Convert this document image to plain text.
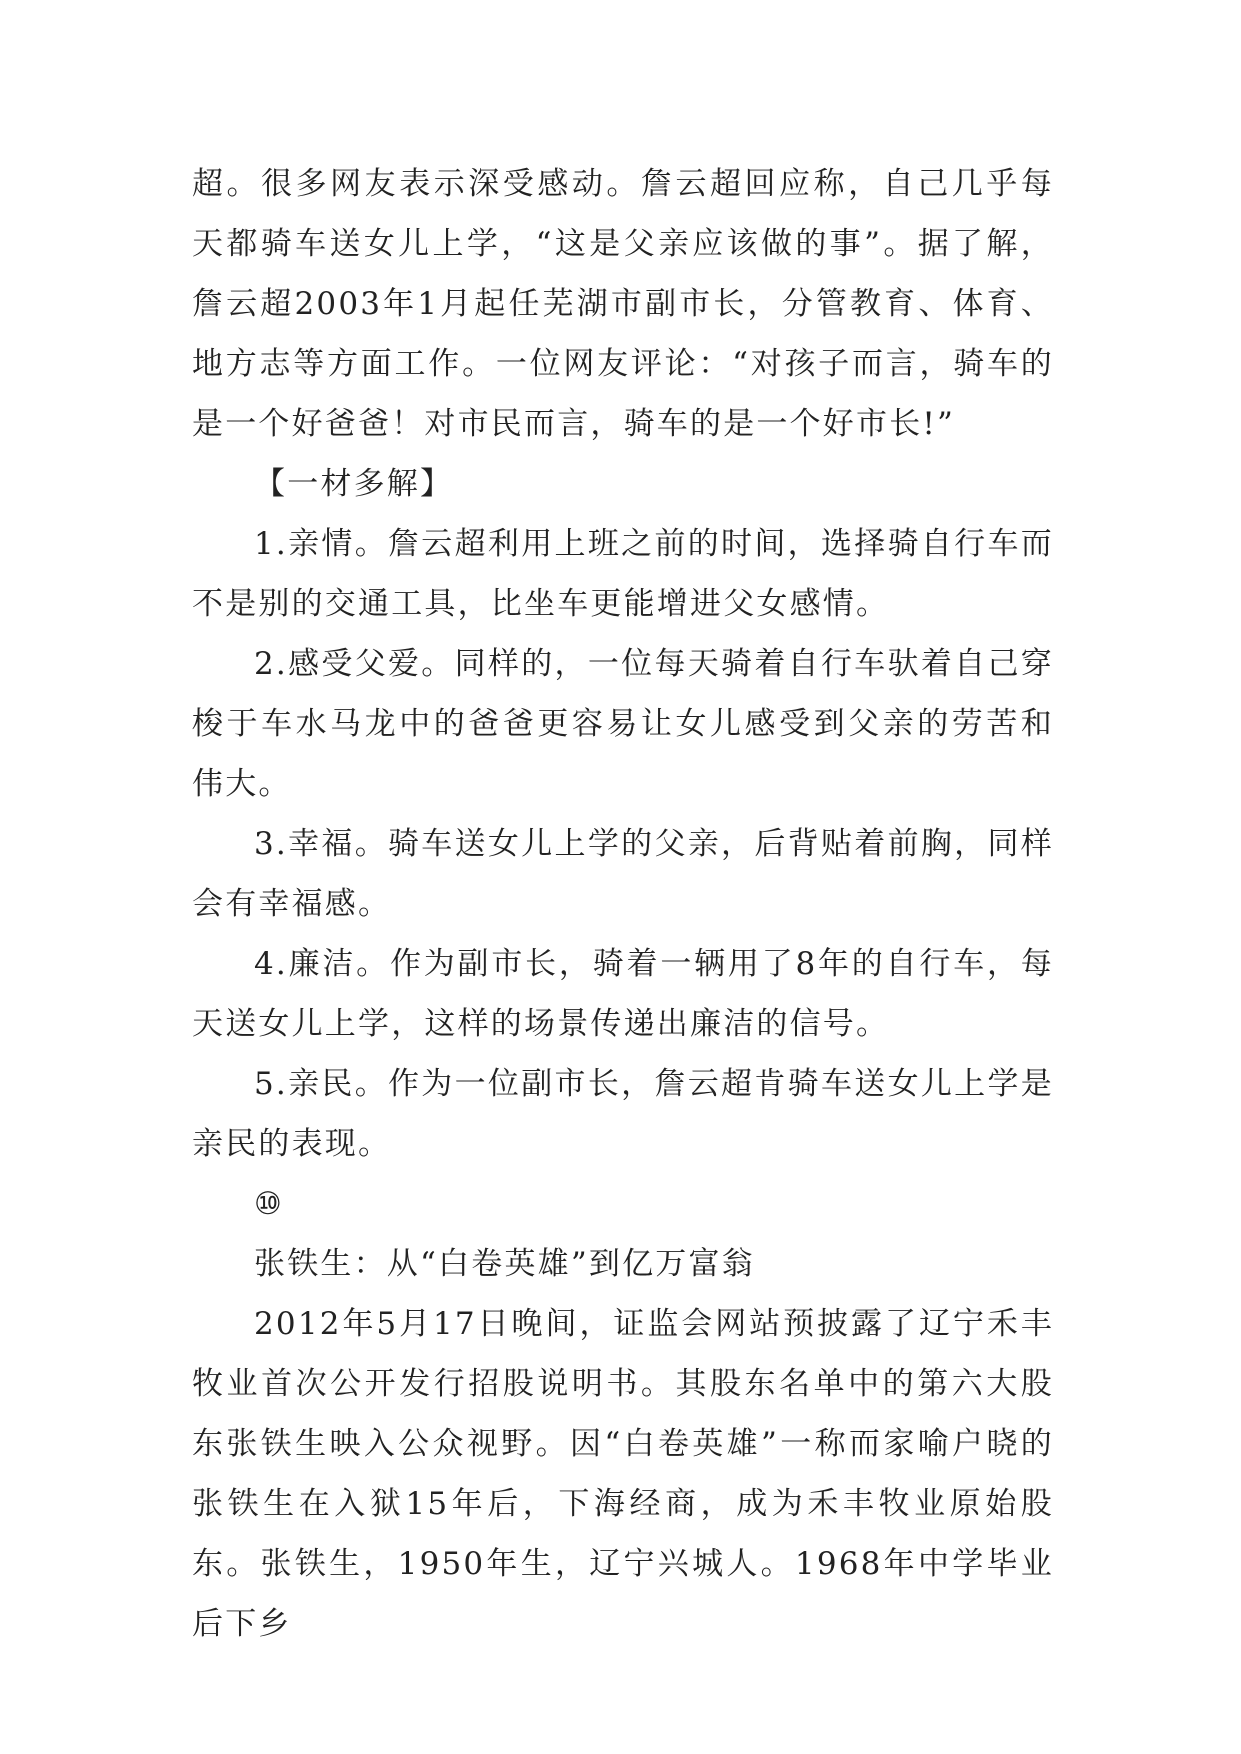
超。很多网友表示深受感动。詹云超回应称，自己几乎每天都骑车送女儿上学，“这是父亲应该做的事”。据了解，詹云超2003年1月起任芜湖市副市长，分管教育、体育、地方志等方面工作。一位网友评论：“对孩子而言，骑车的是一个好爸爸！对市民而言，骑车的是一个好市长!”

【一材多解】

1.亲情。詹云超利用上班之前的时间，选择骑自行车而不是别的交通工具，比坐车更能增进父女感情。

2.感受父爱。同样的，一位每天骑着自行车驮着自己穿梭于车水马龙中的爸爸更容易让女儿感受到父亲的劳苦和伟大。

3.幸福。骑车送女儿上学的父亲，后背贴着前胸，同样会有幸福感。

4.廉洁。作为副市长，骑着一辆用了8年的自行车，每天送女儿上学，这样的场景传递出廉洁的信号。

5.亲民。作为一位副市长，詹云超肯骑车送女儿上学是亲民的表现。

⑩

张铁生：从“白卷英雄”到亿万富翁

2012年5月17日晚间，证监会网站预披露了辽宁禾丰牧业首次公开发行招股说明书。其股东名单中的第六大股东张铁生映入公众视野。因“白卷英雄”一称而家喻户晓的张铁生在入狱15年后，下海经商，成为禾丰牧业原始股东。张铁生，1950年生，辽宁兴城人。1968年中学毕业后下乡
